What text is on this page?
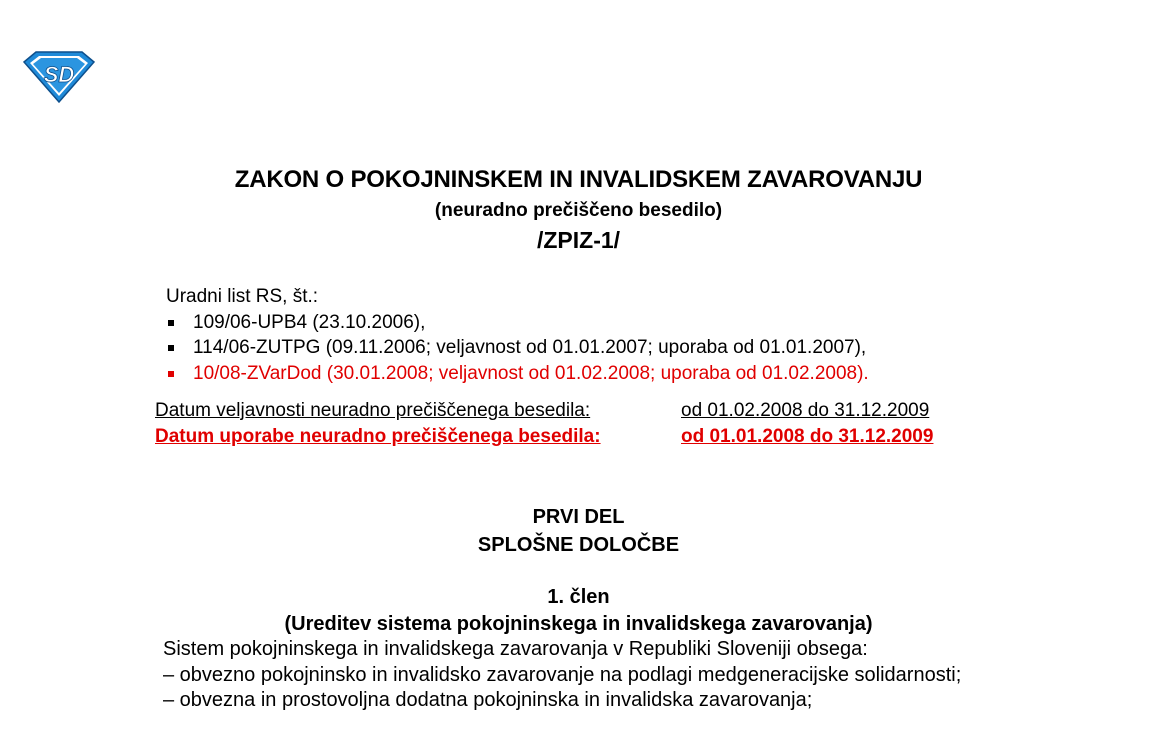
SD
ZAKON O POKOJNINSKEM IN INVALIDSKEM ZAVAROVANJU
(neuradno prečiščeno besedilo)
/ZPIZ-1/
Uradni list RS, št.:
109/06-UPB4 (23.10.2006),
114/06-ZUTPG (09.11.2006; veljavnost od 01.01.2007; uporaba od 01.01.2007),
10/08-ZVarDod (30.01.2008; veljavnost od 01.02.2008; uporaba od 01.02.2008).
Datum veljavnosti neuradno prečiščenega besedila:	od 01.02.2008 do 31.12.2009
Datum uporabe neuradno prečiščenega besedila:	od 01.01.2008 do 31.12.2009
PRVI DEL
SPLOŠNE DOLOČBE
1. člen
(Ureditev sistema pokojninskega in invalidskega zavarovanja)

Sistem pokojninskega in invalidskega zavarovanja v Republiki Sloveniji obsega:

– obvezno pokojninsko in invalidsko zavarovanje na podlagi medgeneracijske solidarnosti;

– obvezna in prostovoljna dodatna pokojninska in invalidska zavarovanja;
